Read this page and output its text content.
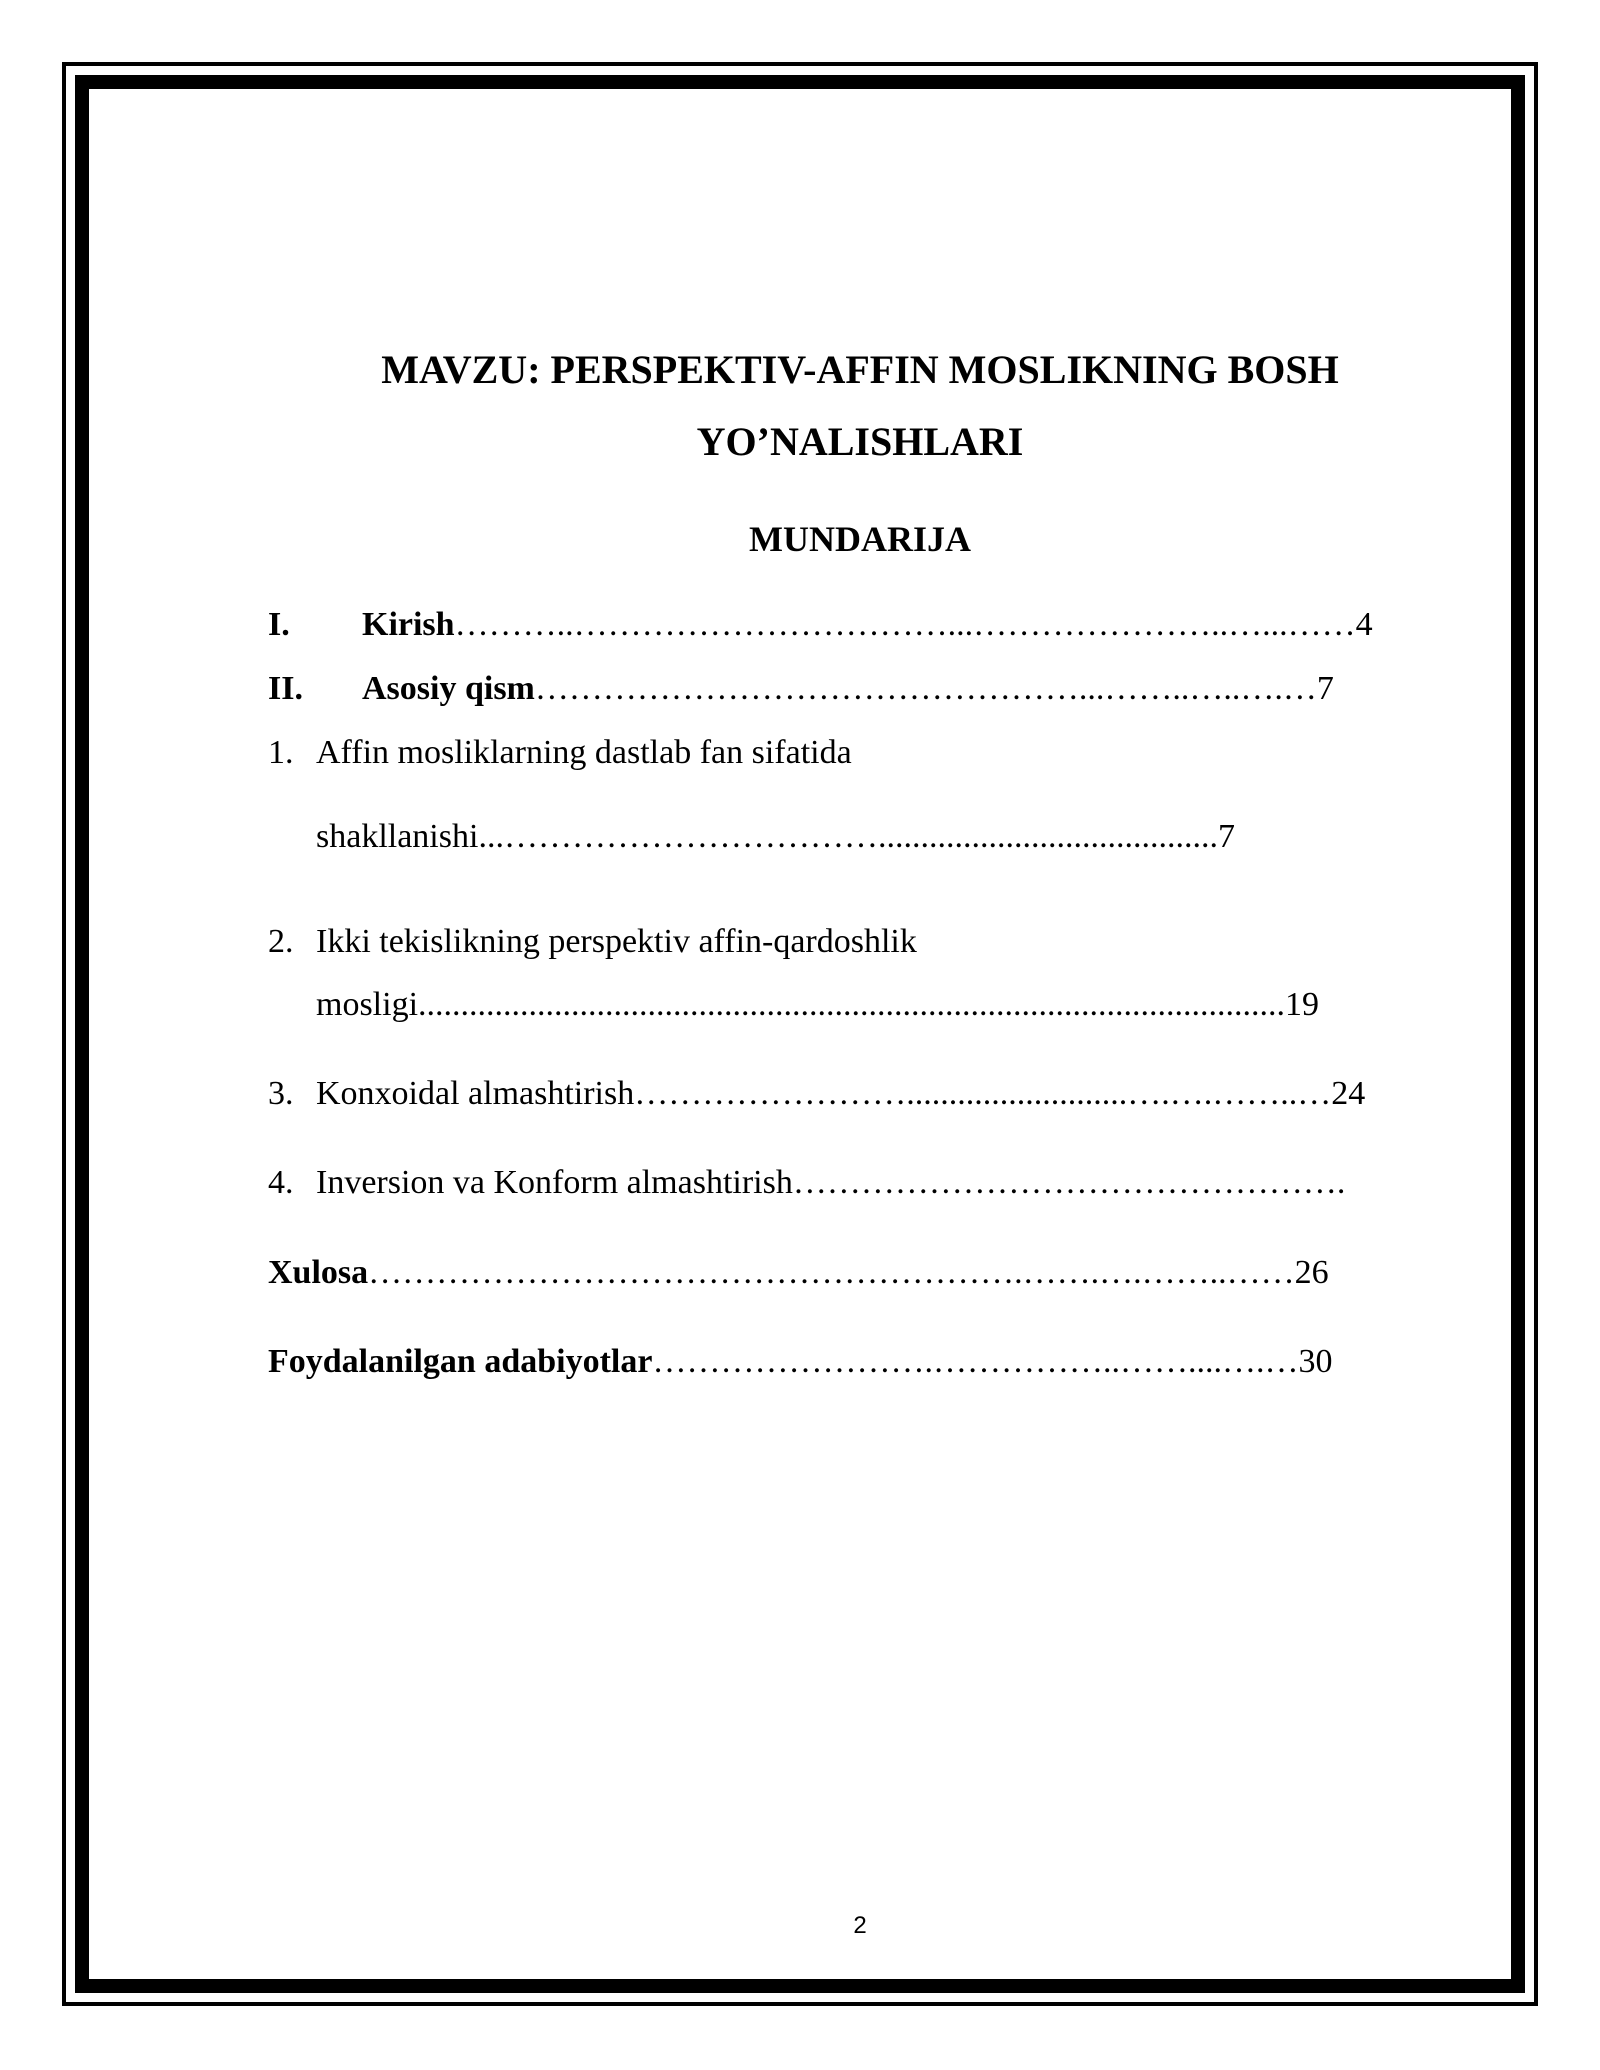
MAVZU: PERSPEKTIV-AFFIN MOSLIKNING BOSH
YO’NALISHLARI
MUNDARIJA
I. Kirish………..……………………………...…………………..…...……4
II. Asosiy qism…………………………………………...……..…..….…7
1. Affin mosliklarning dastlab fan sifatida
shakllanishi...……………………………........................................7
2. Ikki tekislikning perspektiv affin-qardoshlik
mosligi......................................................................................................19
3. Konxoidal almashtirish……………………..........................….….……..…24
4. Inversion va Konform almashtirish………………………………………….
Xulosa………………………………………………….…….….……..……26
Foydalanilgan adabiyotlar…………………….……………..……....….…30
2
